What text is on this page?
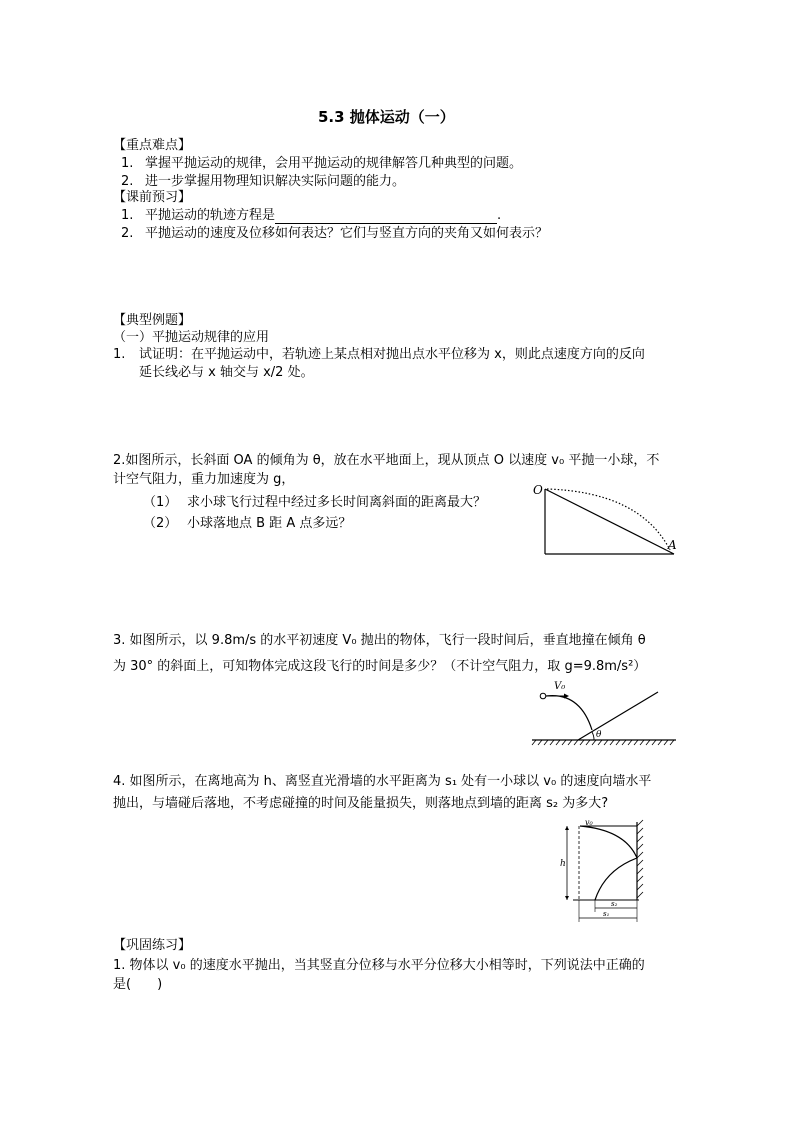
5.3 抛体运动（一）
【重点难点】
1. 掌握平抛运动的规律，会用平抛运动的规律解答几种典型的问题。
2. 进一步掌握用物理知识解决实际问题的能力。
【课前预习】
1. 平抛运动的轨迹方程是	.
2. 平抛运动的速度及位移如何表达？它们与竖直方向的夹角又如何表示？
【典型例题】
（一）平抛运动规律的应用
1. 试证明：在平抛运动中，若轨迹上某点相对抛出点水平位移为 x，则此点速度方向的反向
延长线必与 x 轴交与 x/2 处。
2.如图所示，长斜面 OA 的倾角为 θ，放在水平地面上，现从顶点 O 以速度 v₀ 平抛一小球，不
计空气阻力，重力加速度为 g，
（1） 求小球飞行过程中经过多长时间离斜面的距离最大？
（2） 小球落地点 B 距 A 点多远？
O
A
3. 如图所示，以 9.8m/s 的水平初速度 V₀ 抛出的物体，飞行一段时间后，垂直地撞在倾角 θ
为 30° 的斜面上，可知物体完成这段飞行的时间是多少？（不计空气阻力，取 g=9.8m/s²）
V₀
θ
4. 如图所示，在离地高为 h、离竖直光滑墙的水平距离为 s₁ 处有一小球以 v₀ 的速度向墙水平
抛出，与墙碰后落地，不考虑碰撞的时间及能量损失，则落地点到墙的距离 s₂ 为多大?
v₀
h
s₂
s₁
【巩固练习】
1. 物体以 v₀ 的速度水平抛出，当其竖直分位移与水平分位移大小相等时，下列说法中正确的
是(　　)
